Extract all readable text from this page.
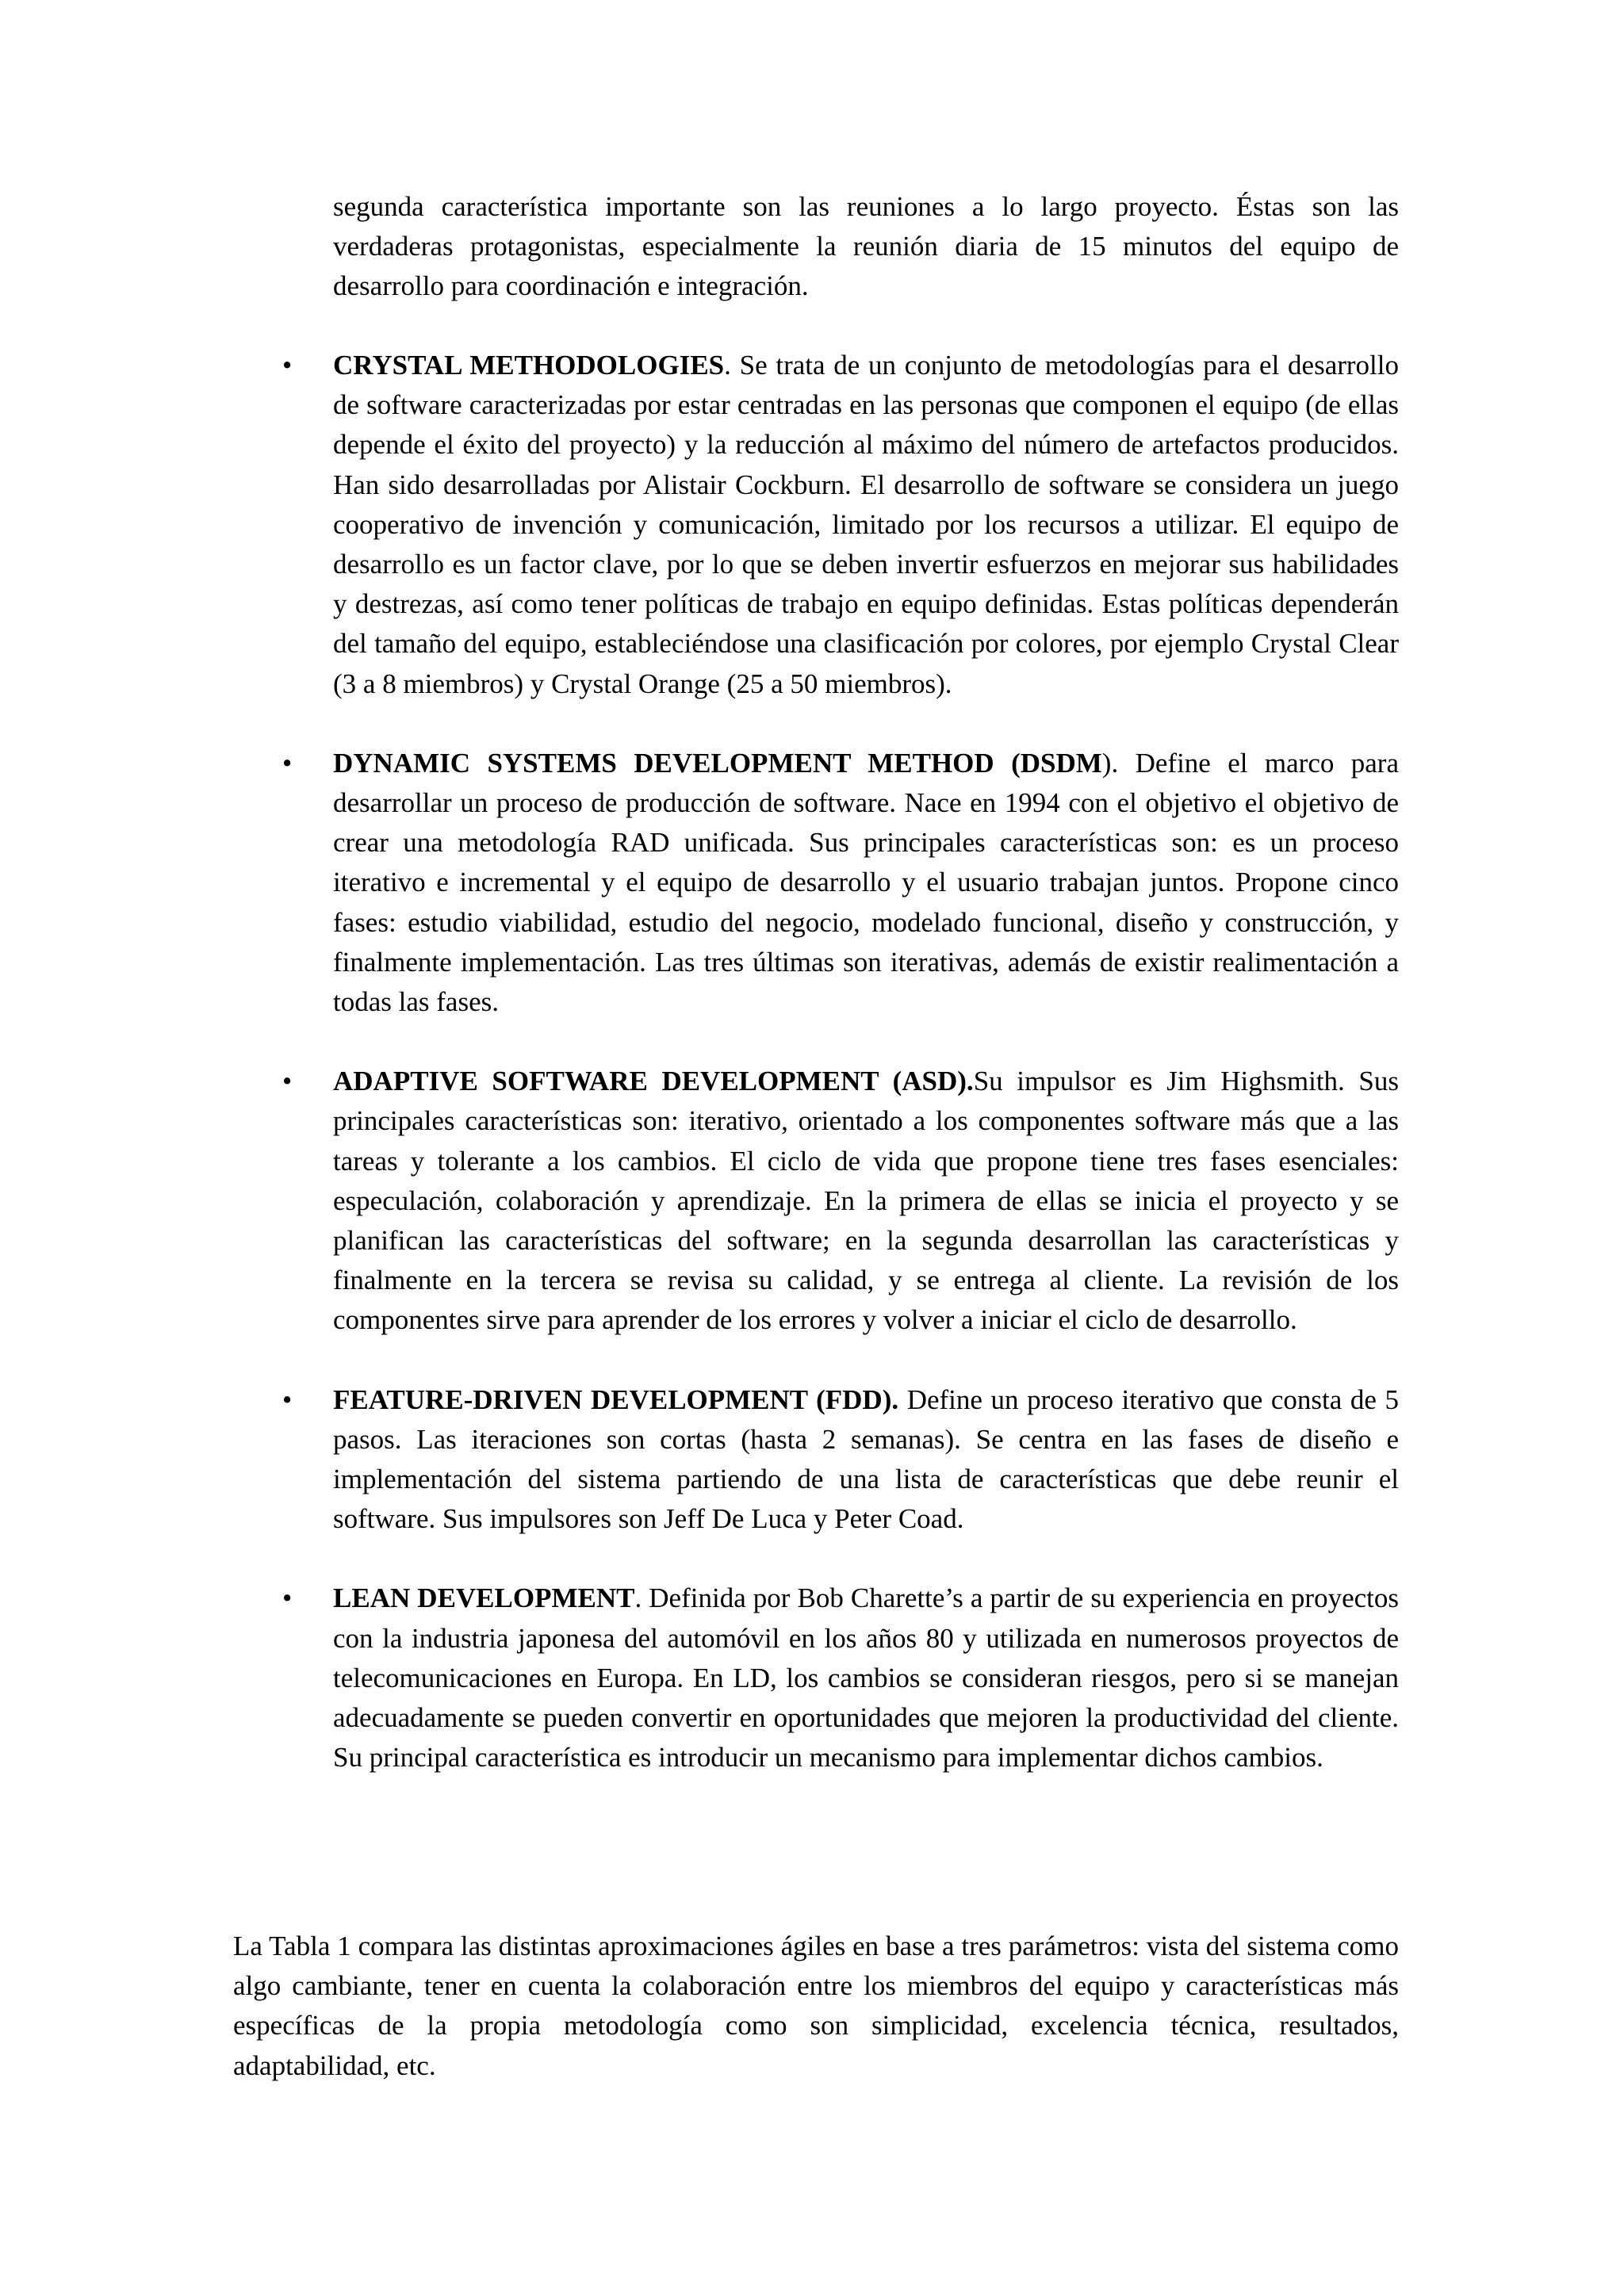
segunda característica importante son las reuniones a lo largo proyecto. Éstas son las verdaderas protagonistas, especialmente la reunión diaria de 15 minutos del equipo de desarrollo para coordinación e integración.

• CRYSTAL METHODOLOGIES. Se trata de un conjunto de metodologías para el desarrollo de software caracterizadas por estar centradas en las personas que componen el equipo (de ellas depende el éxito del proyecto) y la reducción al máximo del número de artefactos producidos. Han sido desarrolladas por Alistair Cockburn. El desarrollo de software se considera un juego cooperativo de invención y comunicación, limitado por los recursos a utilizar. El equipo de desarrollo es un factor clave, por lo que se deben invertir esfuerzos en mejorar sus habilidades y destrezas, así como tener políticas de trabajo en equipo definidas. Estas políticas dependerán del tamaño del equipo, estableciéndose una clasificación por colores, por ejemplo Crystal Clear (3 a 8 miembros) y Crystal Orange (25 a 50 miembros).

• DYNAMIC SYSTEMS DEVELOPMENT METHOD (DSDM). Define el marco para desarrollar un proceso de producción de software. Nace en 1994 con el objetivo el objetivo de crear una metodología RAD unificada. Sus principales características son: es un proceso iterativo e incremental y el equipo de desarrollo y el usuario trabajan juntos. Propone cinco fases: estudio viabilidad, estudio del negocio, modelado funcional, diseño y construcción, y finalmente implementación. Las tres últimas son iterativas, además de existir realimentación a todas las fases.

• ADAPTIVE SOFTWARE DEVELOPMENT (ASD).Su impulsor es Jim Highsmith. Sus principales características son: iterativo, orientado a los componentes software más que a las tareas y tolerante a los cambios. El ciclo de vida que propone tiene tres fases esenciales: especulación, colaboración y aprendizaje. En la primera de ellas se inicia el proyecto y se planifican las características del software; en la segunda desarrollan las características y finalmente en la tercera se revisa su calidad, y se entrega al cliente. La revisión de los componentes sirve para aprender de los errores y volver a iniciar el ciclo de desarrollo.

• FEATURE-DRIVEN DEVELOPMENT (FDD). Define un proceso iterativo que consta de 5 pasos. Las iteraciones son cortas (hasta 2 semanas). Se centra en las fases de diseño e implementación del sistema partiendo de una lista de características que debe reunir el software. Sus impulsores son Jeff De Luca y Peter Coad.

• LEAN DEVELOPMENT. Definida por Bob Charette’s a partir de su experiencia en proyectos con la industria japonesa del automóvil en los años 80 y utilizada en numerosos proyectos de telecomunicaciones en Europa. En LD, los cambios se consideran riesgos, pero si se manejan adecuadamente se pueden convertir en oportunidades que mejoren la productividad del cliente. Su principal característica es introducir un mecanismo para implementar dichos cambios.

La Tabla 1 compara las distintas aproximaciones ágiles en base a tres parámetros: vista del sistema como algo cambiante, tener en cuenta la colaboración entre los miembros del equipo y características más específicas de la propia metodología como son simplicidad, excelencia técnica, resultados, adaptabilidad, etc.
